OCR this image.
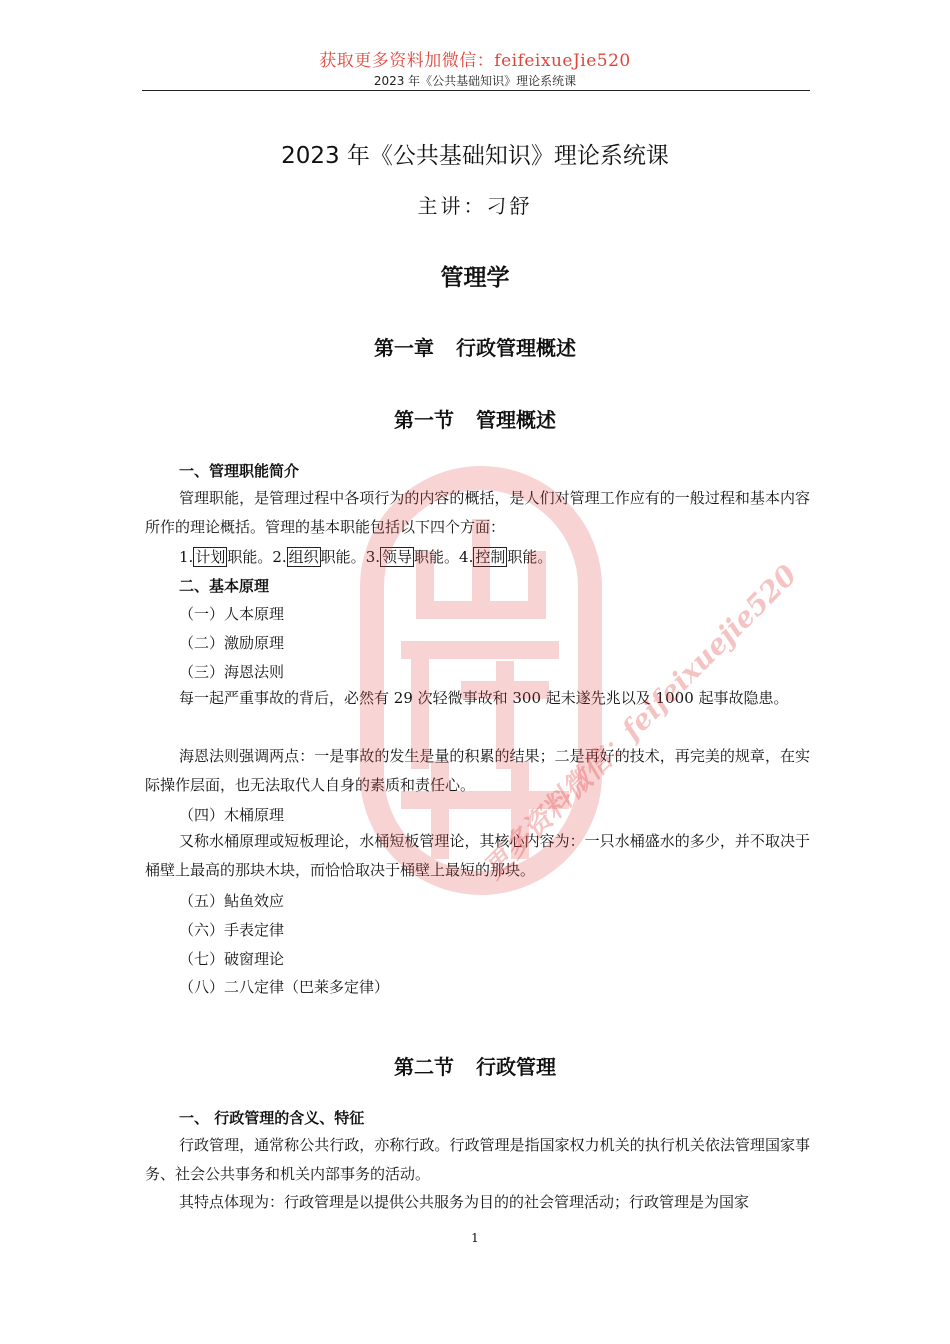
获取更多资料加微信：feifeixueJie520
2023 年《公共基础知识》理论系统课
2023 年《公共基础知识》理论系统课
主讲：刁舒
管理学
第一章 行政管理概述
第一节 管理概述
一、管理职能简介

管理职能，是管理过程中各项行为的内容的概括，是人们对管理工作应有的一般过程和基本内容所作的理论概括。管理的基本职能包括以下四个方面：

1. 计划 职能。2. 组织 职能。3. 领导 职能。4. 控制 职能。
二、基本原理
（一）人本原理
（二）激励原理
（三）海恩法则

每一起严重事故的背后，必然有 29 次轻微事故和 300 起未遂先兆以及 1000 起事故隐患。

海恩法则强调两点：一是事故的发生是量的积累的结果；二是再好的技术，再完美的规章，在实际操作层面，也无法取代人自身的素质和责任心。

（四）木桶原理

又称水桶原理或短板理论，水桶短板管理论，其核心内容为：一只水桶盛水的多少，并不取决于桶壁上最高的那块木块，而恰恰取决于桶壁上最短的那块。

（五）鲇鱼效应
（六）手表定律
（七）破窗理论
（八）二八定律（巴莱多定律）
第二节 行政管理
一、 行政管理的含义、特征

行政管理，通常称公共行政，亦称行政。行政管理是指国家权力机关的执行机关依法管理国家事务、社会公共事务和机关内部事务的活动。

其特点体现为：行政管理是以提供公共服务为目的的社会管理活动；行政管理是为国家

1
更多资料微信：feifeixuejie520
